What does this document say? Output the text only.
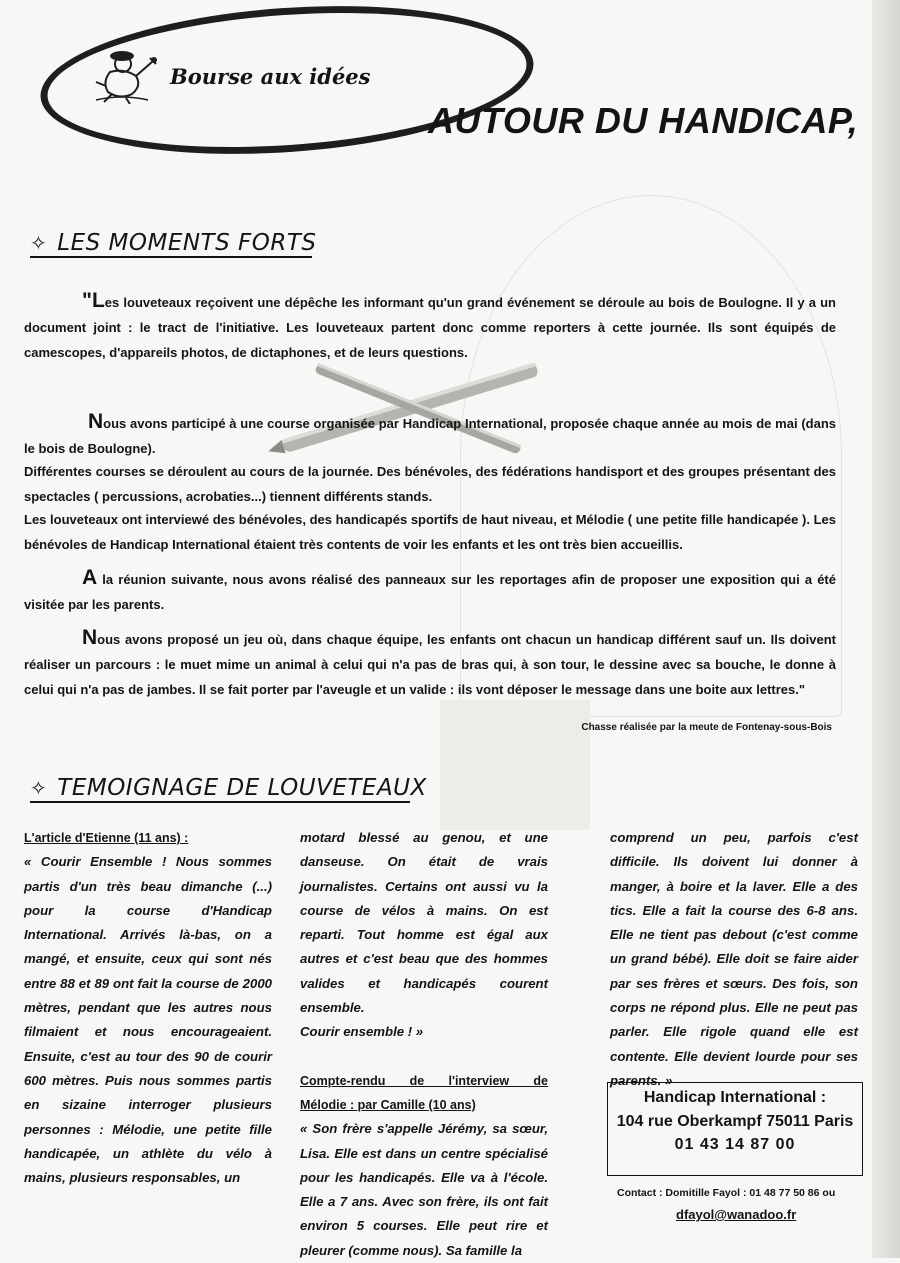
Bourse aux idées
AUTOUR DU HANDICAP,
✧ LES MOMENTS FORTS

"Les louveteaux reçoivent une dépêche les informant qu'un grand événement se déroule au bois de Boulogne. Il y a un document joint : le tract de l'initiative. Les louveteaux partent donc comme reporters à cette journée. Ils sont équipés de camescopes, d'appareils photos, de dictaphones, et de leurs questions.

Nous avons participé à une course organisée par Handicap International, proposée chaque année au mois de mai (dans le bois de Boulogne).

Différentes courses se déroulent au cours de la journée. Des bénévoles, des fédérations handisport et des groupes présentant des spectacles ( percussions, acrobaties...) tiennent différents stands.

Les louveteaux ont interviewé des bénévoles, des handicapés sportifs de haut niveau, et Mélodie ( une petite fille handicapée ). Les bénévoles de Handicap International étaient très contents de voir les enfants et les ont très bien accueillis.

A la réunion suivante, nous avons réalisé des panneaux sur les reportages afin de proposer une exposition qui a été visitée par les parents.

Nous avons proposé un jeu où, dans chaque équipe, les enfants ont chacun un handicap différent sauf un. Ils doivent réaliser un parcours : le muet mime un animal à celui qui n'a pas de bras qui, à son tour, le dessine avec sa bouche, le donne à celui qui n'a pas de jambes. Il se fait porter par l'aveugle et un valide : ils vont déposer le message dans une boite aux lettres."

Chasse réalisée par la meute de Fontenay-sous-Bois
✧ TEMOIGNAGE DE LOUVETEAUX

L'article d'Etienne (11 ans) :

« Courir Ensemble ! Nous sommes partis d'un très beau dimanche (...) pour la course d'Handicap International. Arrivés là-bas, on a mangé, et ensuite, ceux qui sont nés entre 88 et 89 ont fait la course de 2000 mètres, pendant que les autres nous filmaient et nous encourageaient. Ensuite, c'est au tour des 90 de courir 600 mètres. Puis nous sommes partis en sizaine interroger plusieurs personnes : Mélodie, une petite fille handicapée, un athlète du vélo à mains, plusieurs responsables, un

motard blessé au genou, et une danseuse. On était de vrais journalistes. Certains ont aussi vu la course de vélos à mains. On est reparti. Tout homme est égal aux autres et c'est beau que des hommes valides et handicapés courent ensemble.

Courir ensemble ! »

Compte-rendu de l'interview de

Mélodie : par Camille (10 ans)

« Son frère s'appelle Jérémy, sa sœur, Lisa. Elle est dans un centre spécialisé pour les handicapés. Elle va à l'école. Elle a 7 ans. Avec son frère, ils ont fait environ 5 courses. Elle peut rire et pleurer (comme nous). Sa famille la

comprend un peu, parfois c'est difficile. Ils doivent lui donner à manger, à boire et la laver. Elle a des tics. Elle a fait la course des 6-8 ans. Elle ne tient pas debout (c'est comme un grand bébé). Elle doit se faire aider par ses frères et sœurs. Des fois, son corps ne répond plus. Elle ne peut pas parler. Elle rigole quand elle est contente. Elle devient lourde pour ses parents. »

Handicap International :
104 rue Oberkampf 75011 Paris
01 43 14 87 00
Contact : Domitille Fayol : 01 48 77 50 86 ou
dfayol@wanadoo.fr
